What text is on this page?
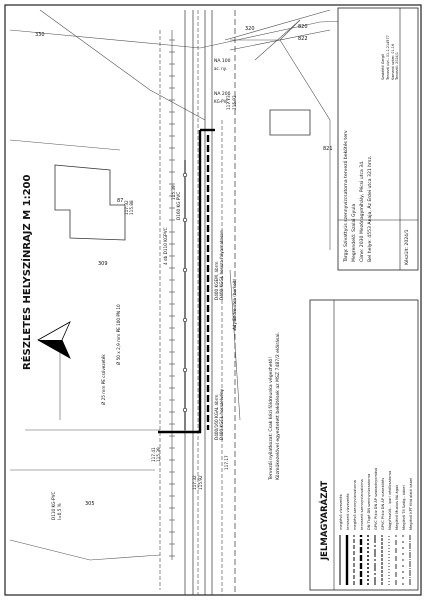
330
320
822
821
820
309
305
87
NA 100
ac. ny.
NA 200
KG-PVC
Ady Endre utca (burkolt)
D400 KGEM, ábrm D400 KGGL hossza folyamatosan
D400/160 KGAL ábrm D400 KGGL hosszelvény
4 db D110 KGPVC
D160 KG PVC
Ø 50 x 2,9 mm PE 100 PN 10
Ø 25 mm PE csővezeték
D110 KG-PVC I=0,5 %
117.32 115.88
115.39
117.73 115.92
117.32 115.92
117.41 115.39
117.17	Tervezői nyilatkozat: Csak kézi földmunka végezhető! Közműkezelővel egyeztetett bekötések az MSZ 7487/2 előírásai.
RÉSZLETES HELYSZÍNRAJZ M 1:200	Tárgy: Szivattyús szennyvízcsatorna tervező bekötés terv Megrendelő: Szalai Gyula Címe: 2030 Mezőnagymihály, Pécsi utca 34. Bel helye: 4553 Anaja, Áz Erdei utca 321 hrsz.
Szakértő Gergő Tervező vízi.. 01-1-214977 Kamarai szám: 01-16 Tervezői: 2024/1
Készült: 2024/1
JELMAGYARÁZAT	meglévő vízvezeték tervezett vízvezeték meglévő szennyvízcsatorna tervezett szennyvízcsatorna DN Tkgé DN szennyvízcsatorna GPVC Ptkiz DN ÁP szabadnyomású GPVC Ptkiz DN ÁP vízbekötés Nagyfeszült... ipari védőcsatorna Meglévő Mustos NA ágak Meglévő Tő Szálg.. kábel Meglévő KPT föld alatti kábel
